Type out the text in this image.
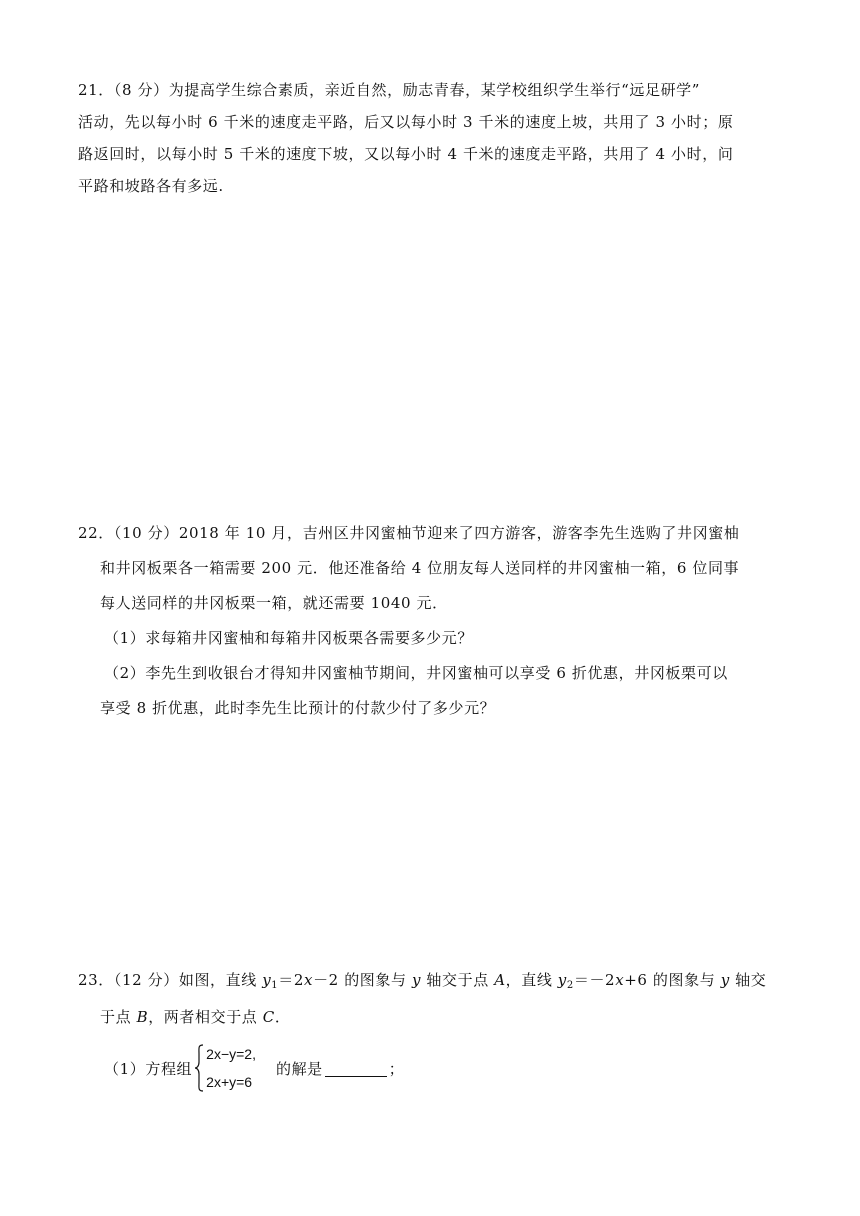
21．（8 分）为提高学生综合素质，亲近自然，励志青春，某学校组织学生举行“远足研学”
活动，先以每小时 6 千米的速度走平路，后又以每小时 3 千米的速度上坡，共用了 3 小时；原
路返回时，以每小时 5 千米的速度下坡，又以每小时 4 千米的速度走平路，共用了 4 小时，问
平路和坡路各有多远.
22．（10 分）2018 年 10 月，吉州区井冈蜜柚节迎来了四方游客，游客李先生选购了井冈蜜柚
和井冈板栗各一箱需要 200 元．他还准备给 4 位朋友每人送同样的井冈蜜柚一箱，6 位同事
每人送同样的井冈板栗一箱，就还需要 1040 元．
（1）求每箱井冈蜜柚和每箱井冈板栗各需要多少元？
（2）李先生到收银台才得知井冈蜜柚节期间，井冈蜜柚可以享受 6 折优惠，井冈板栗可以
享受 8 折优惠，此时李先生比预计的付款少付了多少元？
23．（12 分）如图，直线 $y_1=2x-2$ 的图象与 y 轴交于点 A，直线 $y_2=-2x+6$ 的图象与 y 轴交
于点 B，两者相交于点 C．
（1）方程组
2x−y=2,
2x+y=6
的解是	；
